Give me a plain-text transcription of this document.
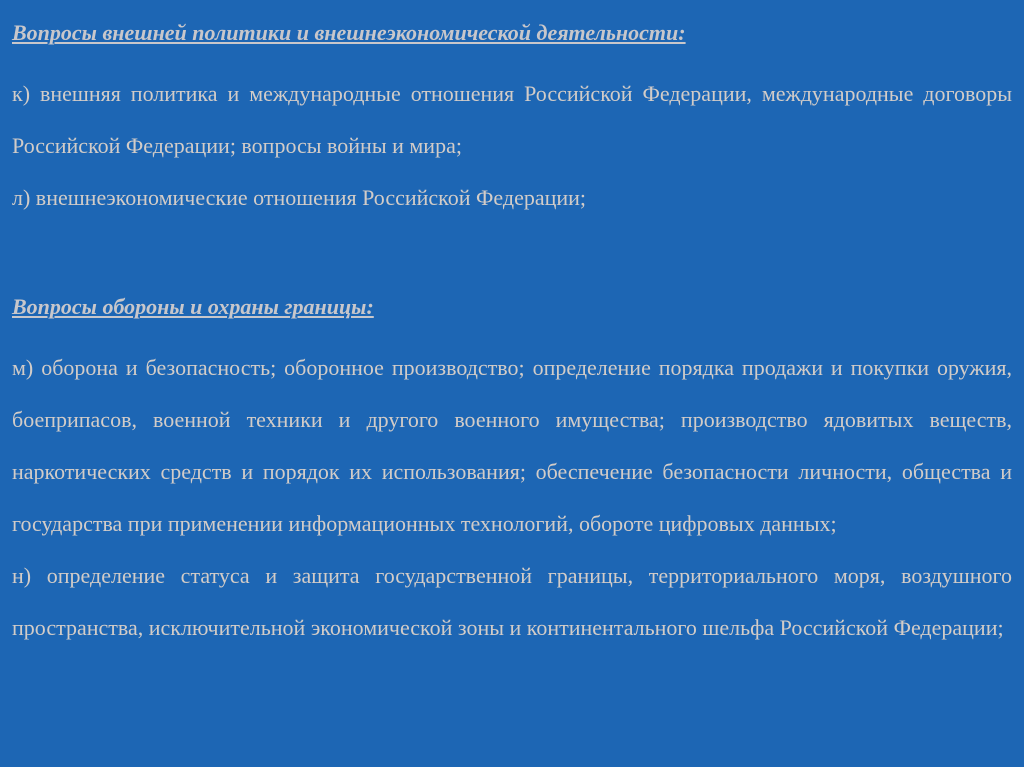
Вопросы внешней политики и внешнеэкономической деятельности:

к) внешняя политика и международные отношения Российской Федерации, международные договоры Российской Федерации; вопросы войны и мира;

л) внешнеэкономические отношения Российской Федерации;

Вопросы обороны и охраны границы:

м) оборона и безопасность; оборонное производство; определение порядка продажи и покупки оружия, боеприпасов, военной техники и другого военного имущества; производство ядовитых веществ, наркотических средств и порядок их использования; обеспечение безопасности личности, общества и государства при применении информационных технологий, обороте цифровых данных;

н) определение статуса и защита государственной границы, территориального моря, воздушного пространства, исключительной экономической зоны и континентального шельфа Российской Федерации;
